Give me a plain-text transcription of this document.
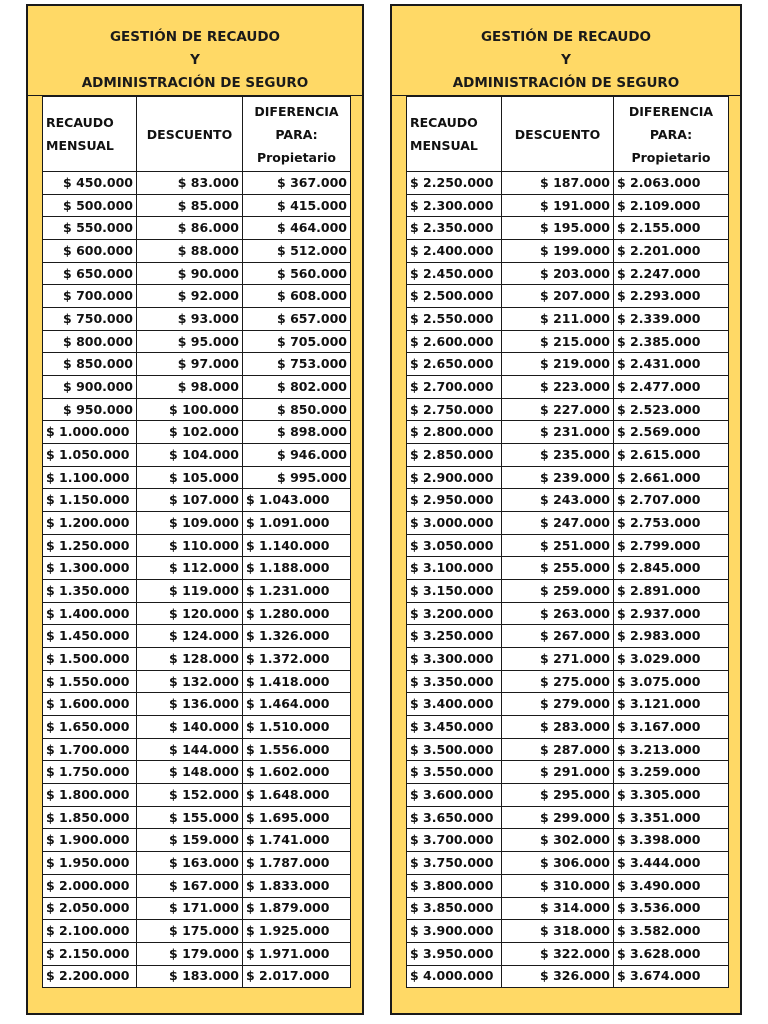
GESTIÓN DE RECAUDO
Y
ADMINISTRACIÓN DE SEGURO
RECAUDO
MENSUAL	DESCUENTO	DIFERENCIA
PARA:
Propietario

$ 450.000	$ 83.000	$ 367.000
$ 500.000	$ 85.000	$ 415.000
$ 550.000	$ 86.000	$ 464.000
$ 600.000	$ 88.000	$ 512.000
$ 650.000	$ 90.000	$ 560.000
$ 700.000	$ 92.000	$ 608.000
$ 750.000	$ 93.000	$ 657.000
$ 800.000	$ 95.000	$ 705.000
$ 850.000	$ 97.000	$ 753.000
$ 900.000	$ 98.000	$ 802.000
$ 950.000	$ 100.000	$ 850.000
$ 1.000.000	$ 102.000	$ 898.000
$ 1.050.000	$ 104.000	$ 946.000
$ 1.100.000	$ 105.000	$ 995.000
$ 1.150.000	$ 107.000	$ 1.043.000
$ 1.200.000	$ 109.000	$ 1.091.000
$ 1.250.000	$ 110.000	$ 1.140.000
$ 1.300.000	$ 112.000	$ 1.188.000
$ 1.350.000	$ 119.000	$ 1.231.000
$ 1.400.000	$ 120.000	$ 1.280.000
$ 1.450.000	$ 124.000	$ 1.326.000
$ 1.500.000	$ 128.000	$ 1.372.000
$ 1.550.000	$ 132.000	$ 1.418.000
$ 1.600.000	$ 136.000	$ 1.464.000
$ 1.650.000	$ 140.000	$ 1.510.000
$ 1.700.000	$ 144.000	$ 1.556.000
$ 1.750.000	$ 148.000	$ 1.602.000
$ 1.800.000	$ 152.000	$ 1.648.000
$ 1.850.000	$ 155.000	$ 1.695.000
$ 1.900.000	$ 159.000	$ 1.741.000
$ 1.950.000	$ 163.000	$ 1.787.000
$ 2.000.000	$ 167.000	$ 1.833.000
$ 2.050.000	$ 171.000	$ 1.879.000
$ 2.100.000	$ 175.000	$ 1.925.000
$ 2.150.000	$ 179.000	$ 1.971.000
$ 2.200.000	$ 183.000	$ 2.017.000
GESTIÓN DE RECAUDO
Y
ADMINISTRACIÓN DE SEGURO
RECAUDO
MENSUAL	DESCUENTO	DIFERENCIA
PARA:
Propietario

$ 2.250.000	$ 187.000	$ 2.063.000
$ 2.300.000	$ 191.000	$ 2.109.000
$ 2.350.000	$ 195.000	$ 2.155.000
$ 2.400.000	$ 199.000	$ 2.201.000
$ 2.450.000	$ 203.000	$ 2.247.000
$ 2.500.000	$ 207.000	$ 2.293.000
$ 2.550.000	$ 211.000	$ 2.339.000
$ 2.600.000	$ 215.000	$ 2.385.000
$ 2.650.000	$ 219.000	$ 2.431.000
$ 2.700.000	$ 223.000	$ 2.477.000
$ 2.750.000	$ 227.000	$ 2.523.000
$ 2.800.000	$ 231.000	$ 2.569.000
$ 2.850.000	$ 235.000	$ 2.615.000
$ 2.900.000	$ 239.000	$ 2.661.000
$ 2.950.000	$ 243.000	$ 2.707.000
$ 3.000.000	$ 247.000	$ 2.753.000
$ 3.050.000	$ 251.000	$ 2.799.000
$ 3.100.000	$ 255.000	$ 2.845.000
$ 3.150.000	$ 259.000	$ 2.891.000
$ 3.200.000	$ 263.000	$ 2.937.000
$ 3.250.000	$ 267.000	$ 2.983.000
$ 3.300.000	$ 271.000	$ 3.029.000
$ 3.350.000	$ 275.000	$ 3.075.000
$ 3.400.000	$ 279.000	$ 3.121.000
$ 3.450.000	$ 283.000	$ 3.167.000
$ 3.500.000	$ 287.000	$ 3.213.000
$ 3.550.000	$ 291.000	$ 3.259.000
$ 3.600.000	$ 295.000	$ 3.305.000
$ 3.650.000	$ 299.000	$ 3.351.000
$ 3.700.000	$ 302.000	$ 3.398.000
$ 3.750.000	$ 306.000	$ 3.444.000
$ 3.800.000	$ 310.000	$ 3.490.000
$ 3.850.000	$ 314.000	$ 3.536.000
$ 3.900.000	$ 318.000	$ 3.582.000
$ 3.950.000	$ 322.000	$ 3.628.000
$ 4.000.000	$ 326.000	$ 3.674.000
